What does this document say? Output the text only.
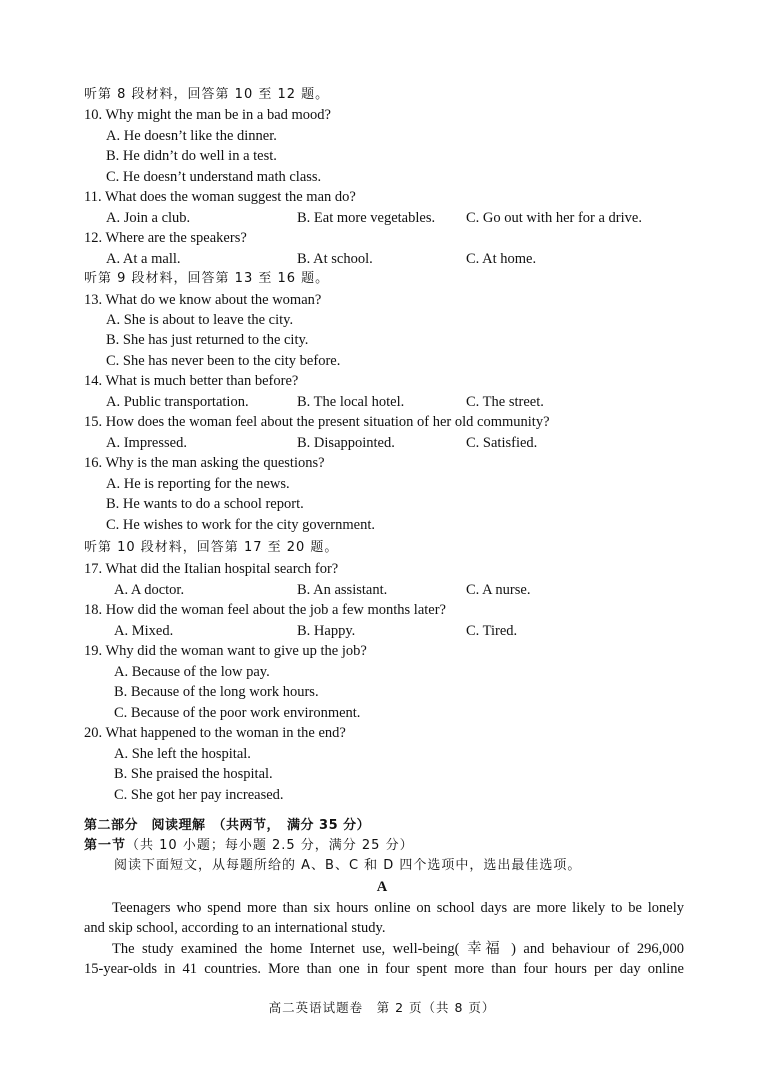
听第 8 段材料，回答第 10 至 12 题。
10. Why might the man be in a bad mood?
A. He doesn’t like the dinner.
B. He didn’t do well in a test.
C. He doesn’t understand math class.
11. What does the woman suggest the man do?
A. Join a club.	B. Eat more vegetables. C. Go out with her for a drive.
12. Where are the speakers?
A. At a mall.	B. At school.	C. At home.
听第 9 段材料，回答第 13 至 16 题。
13. What do we know about the woman?
A. She is about to leave the city.
B. She has just returned to the city.
C. She has never been to the city before.
14. What is much better than before?
A. Public transportation.	B. The local hotel.	C. The street.
15. How does the woman feel about the present situation of her old community?
A. Impressed.	B. Disappointed.	C. Satisfied.
16. Why is the man asking the questions?
A. He is reporting for the news.
B. He wants to do a school report.
C. He wishes to work for the city government.
听第 10 段材料，回答第 17 至 20 题。
17. What did the Italian hospital search for?
A. A doctor.	B. An assistant.	C. A nurse.
18. How did the woman feel about the job a few months later?
A. Mixed.	B. Happy.	C. Tired.
19. Why did the woman want to give up the job?
A. Because of the low pay.
B. Because of the long work hours.
C. Because of the poor work environment.
20. What happened to the woman in the end?
A. She left the hospital.
B. She praised the hospital.
C. She got her pay increased.
第二部分　阅读理解　（共两节，　满分 35 分）
第一节（共 10 小题；每小题 2.5 分，满分 25 分）
阅读下面短文，从每题所给的 A、B、C 和 D 四个选项中，选出最佳选项。
A
Teenagers who spend more than six hours online on school days are more likely to be lonely
and skip school, according to an international study.
The study examined the home Internet use, well-being( 幸福 ) and behaviour of 296,000
15-year-olds in 41 countries. More than one in four spent more than four hours per day online
高二英语试题卷　第 2 页（共 8 页）
